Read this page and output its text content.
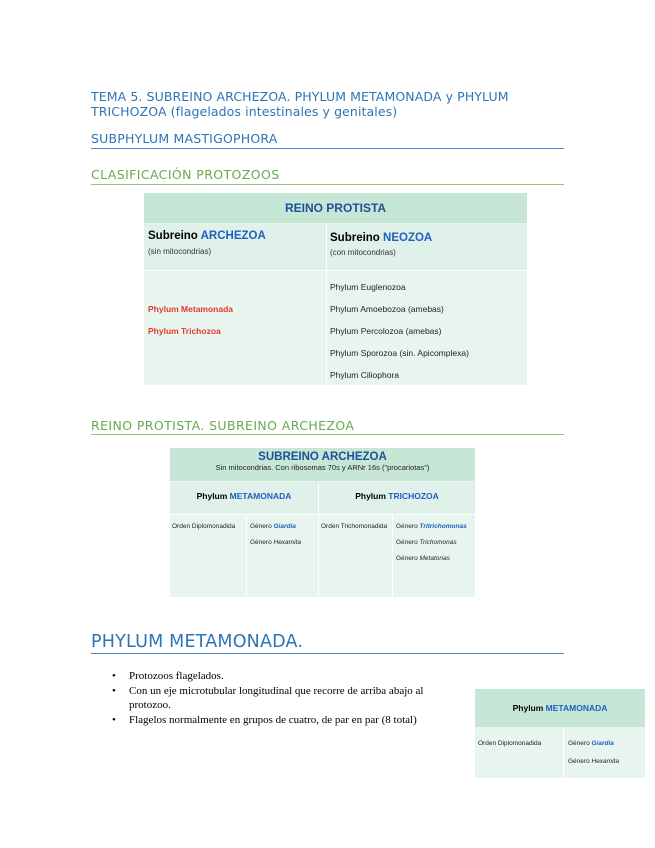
TEMA 5. SUBREINO ARCHEZOA. PHYLUM METAMONADA y PHYLUM TRICHOZOA (flagelados intestinales y genitales)
SUBPHYLUM MASTIGOPHORA
CLASIFICACIÓN PROTOZOOS
REINO PROTISTA
Subreino ARCHEZOA
(sin mitocondrias)
Subreino NEOZOA
(con mitocondrias)
Phylum Metamonada
Phylum Trichozoa
Phylum Euglenozoa
Phylum Amoebozoa (amebas)
Phylum Percolozoa (amebas)
Phylum Sporozoa (sin. Apicomplexa)
Phylum Ciliophora
REINO PROTISTA. SUBREINO ARCHEZOA
SUBREINO ARCHEZOA
Sin mitocondrias. Con ribosomas 70s y ARNr 16s ("procariotas")
Phylum METAMONADA	Phylum TRICHOZOA
Orden Diplomonadida Género Giardia
Género Hexamita
Orden Trichomonadida Género Tritrichomonas
Género Trichomonas
Género Metatonas
PHYLUM METAMONADA.
• Protozoos flagelados.
• Con un eje microtubular longitudinal que recorre de arriba abajo al protozoo.
• Flagelos normalmente en grupos de cuatro, de par en par (8 total)
Phylum METAMONADA
Orden Diplomonadida	Género Giardia
Género Hexamita
